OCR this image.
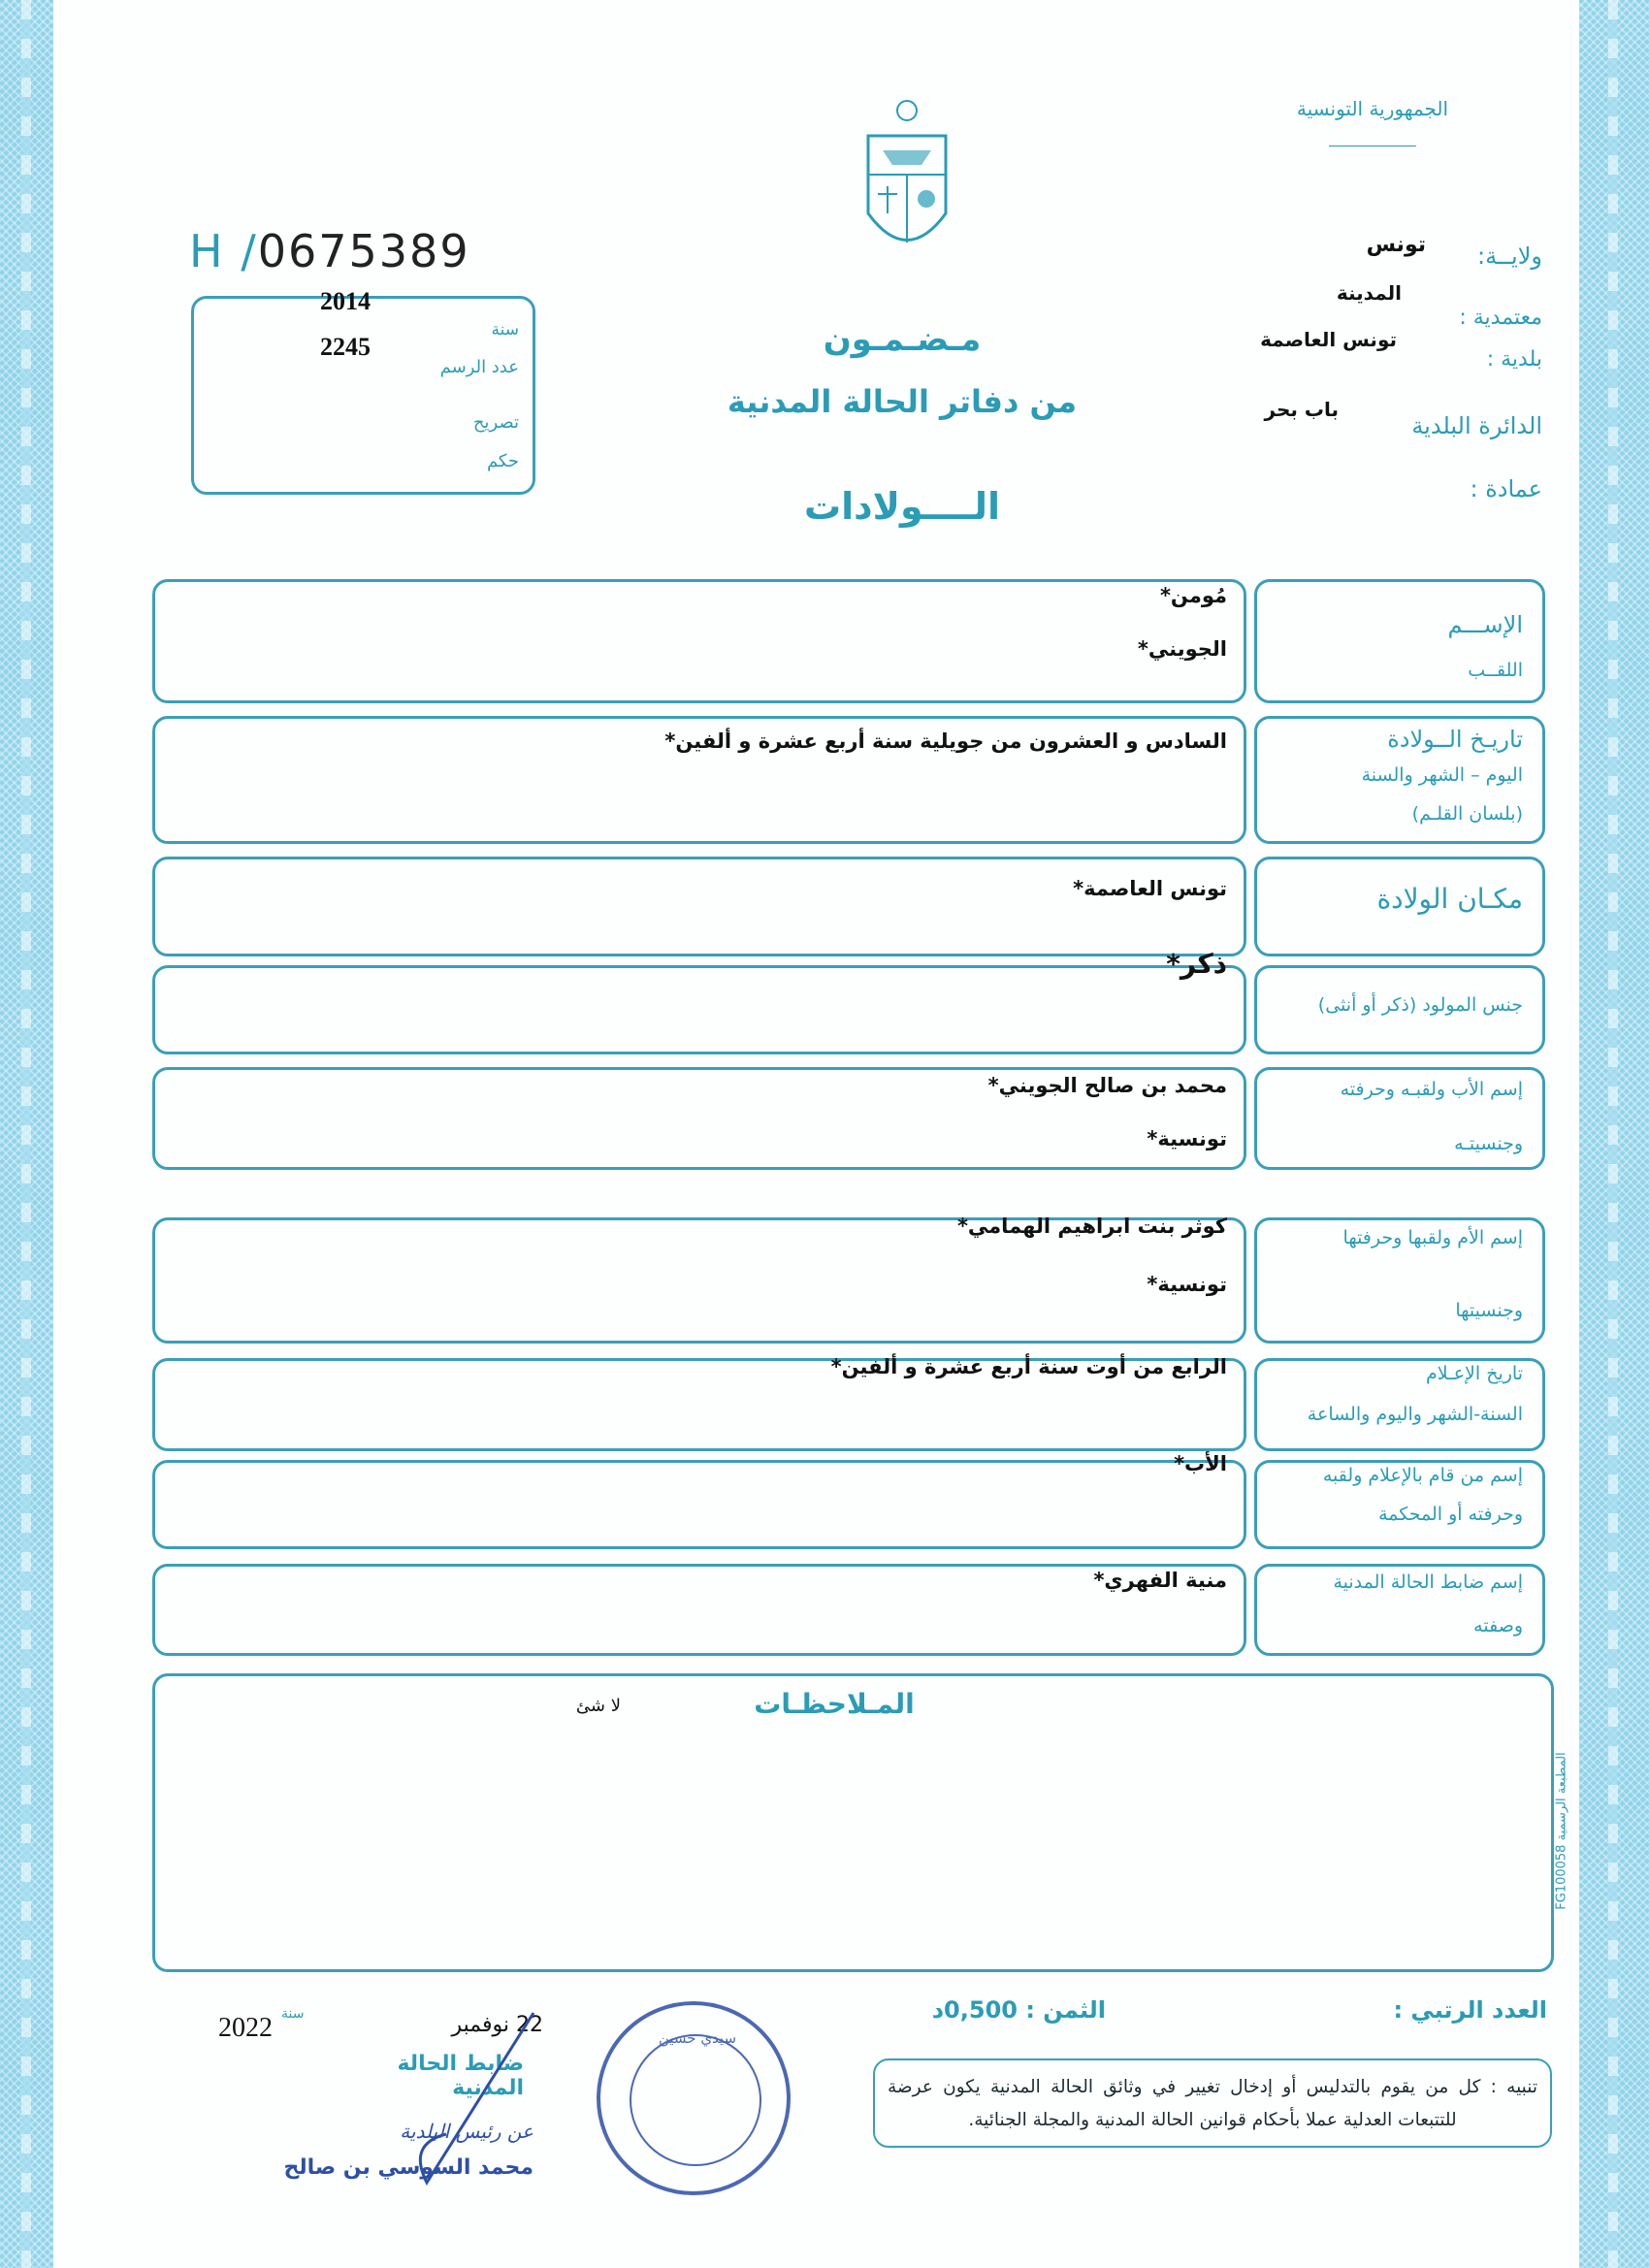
الجمهورية التونسية
ولايــة:
تونس
معتمدية :
المدينة
بلدية :
تونس العاصمة
الدائرة البلدية
باب بحر
عمادة :
H /0675389
2014
سنة
2245
عدد الرسم
تصريح
حكم
مـضـمـون
من دفاتر الحالة المدنية
الــــولادات
الإســـم
اللقــب
مُومن*
الجويني*
تاريـخ الــولادة
اليوم – الشهر والسنة
(بلسان القلـم)
السادس و العشرون من جويلية سنة أربع عشرة و ألفين*
مكـان الولادة
تونس العاصمة*
جنس المولود (ذكر أو أنثى)
ذكر*
إسم الأب ولقبـه وحرفته
وجنسيتـه
محمد بن صالح الجويني*
تونسية*
إسم الأم ولقبها وحرفتها
وجنسيتها
كوثر بنت ابراهيم الهمامي*
تونسية*
تاريخ الإعـلام
السنة-الشهر واليوم والساعة
الرابع من أوت سنة أربع عشرة و ألفين*
إسم من قام بالإعلام ولقبه
وحرفته أو المحكمة
الأب*
إسم ضابط الحالة المدنية
وصفته
منية الفهري*
المـلاحظـات
لا شئ
المطبعة الرسمية FG100058
العدد الرتبي :
الثمن : 0,500د
تنبيه : كل من يقوم بالتدليس أو إدخال تغيير في وثائق الحالة المدنية يكون عرضة للتتبعات العدلية عملا بأحكام قوانين الحالة المدنية والمجلة الجنائية.
سنة
2022	22 نوفمبر
ضابط الحالة المدنية
عن رئيس البلدية
محمد السوسي بن صالح
سيدي حسين
